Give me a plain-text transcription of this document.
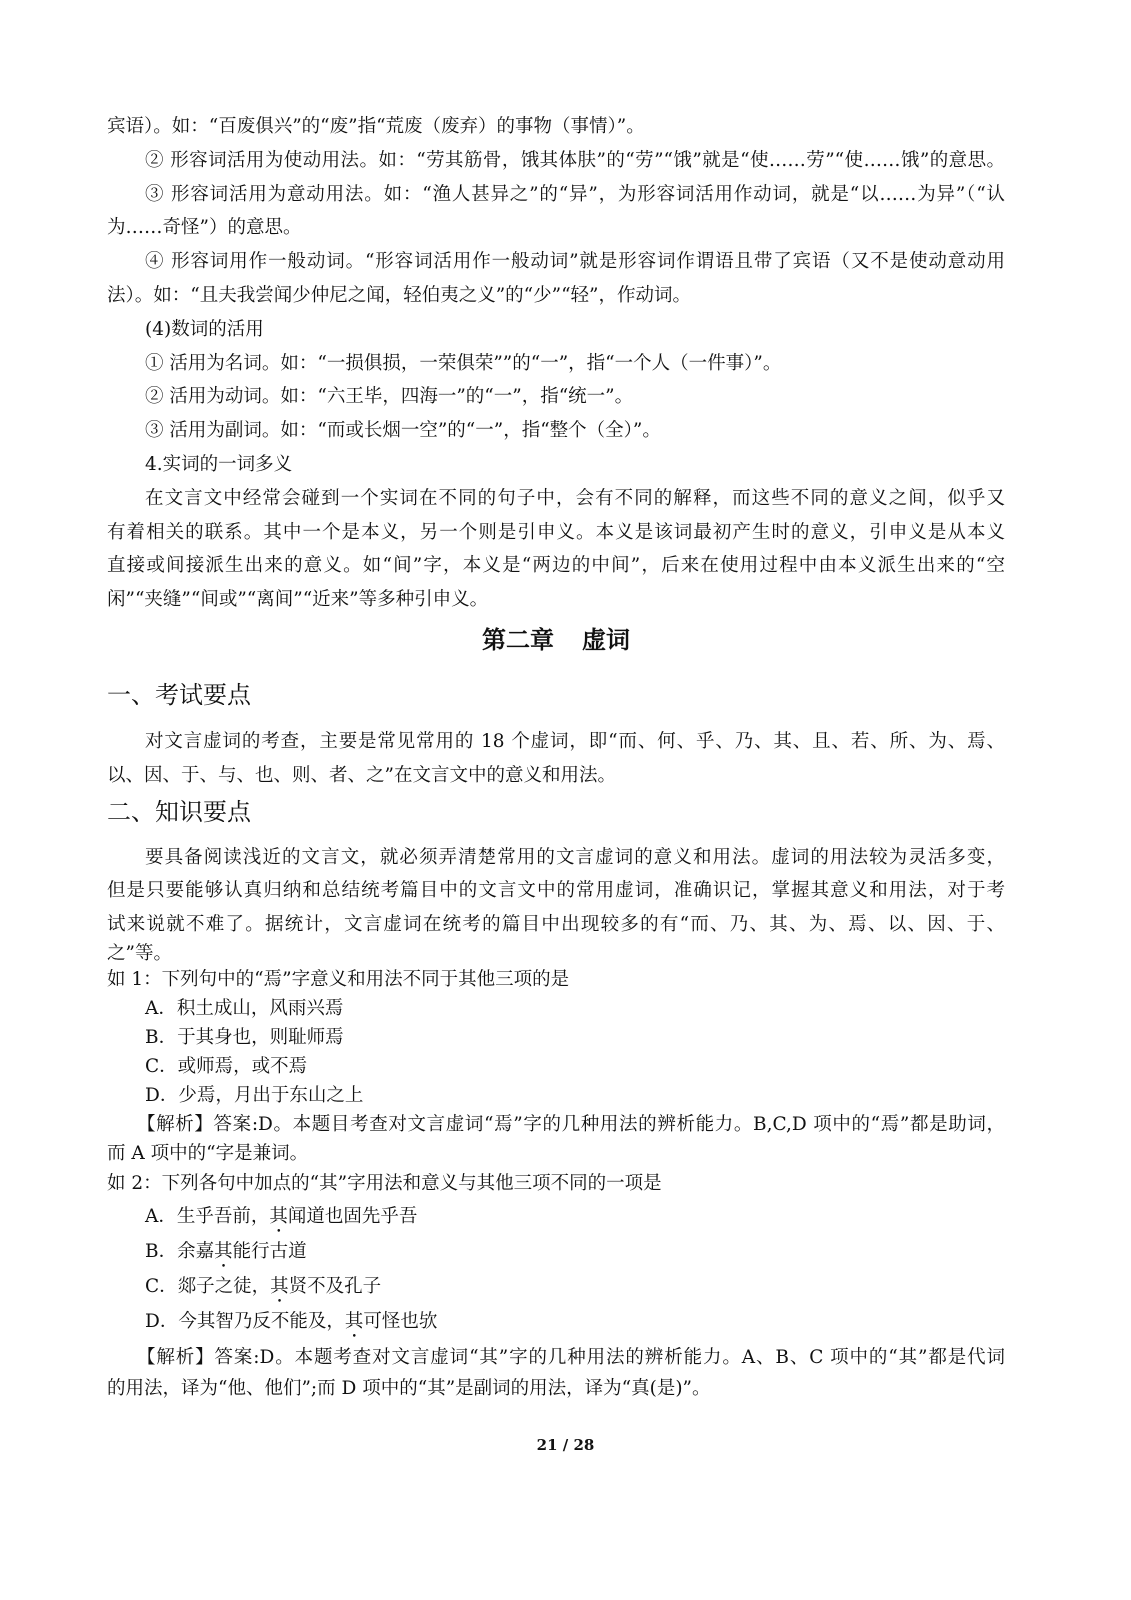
宾语）。如：“百废俱兴”的“废”指“荒废（废弃）的事物（事情）”。
② 形容词活用为使动用法。如：“劳其筋骨，饿其体肤”的“劳”“饿”就是“使……劳”“使……饿”的意思。
③ 形容词活用为意动用法。如：“渔人甚异之”的“异”，为形容词活用作动词，就是“以……为异”（“认
为……奇怪”）的意思。
④ 形容词用作一般动词。“形容词活用作一般动词”就是形容词作谓语且带了宾语（又不是使动意动用
法）。如：“且夫我尝闻少仲尼之闻，轻伯夷之义”的“少”“轻”，作动词。
(4)数词的活用
① 活用为名词。如：“一损俱损，一荣俱荣””的“一”，指“一个人（一件事）”。
② 活用为动词。如：“六王毕，四海一”的“一”，指“统一”。
③ 活用为副词。如：“而或长烟一空”的“一”，指“整个（全）”。
4.实词的一词多义
在文言文中经常会碰到一个实词在不同的句子中，会有不同的解释，而这些不同的意义之间，似乎又
有着相关的联系。其中一个是本义，另一个则是引申义。本义是该词最初产生时的意义，引申义是从本义
直接或间接派生出来的意义。如“间”字，本义是“两边的中间”，后来在使用过程中由本义派生出来的“空
闲”“夹缝”“间或”“离间”“近来”等多种引申义。
第二章 虚词
一、考试要点
对文言虚词的考查，主要是常见常用的 18 个虚词，即“而、何、乎、乃、其、且、若、所、为、焉、
以、因、于、与、也、则、者、之”在文言文中的意义和用法。
二、知识要点
要具备阅读浅近的文言文，就必须弄清楚常用的文言虚词的意义和用法。虚词的用法较为灵活多变，
但是只要能够认真归纳和总结统考篇目中的文言文中的常用虚词，准确识记，掌握其意义和用法，对于考
试来说就不难了。据统计，文言虚词在统考的篇目中出现较多的有“而、乃、其、为、焉、以、因、于、
之”等。
如 1：下列句中的“焉”字意义和用法不同于其他三项的是
A．积土成山，风雨兴焉
B．于其身也，则耻师焉
C．或师焉，或不焉
D．少焉，月出于东山之上
【解析】答案:D。本题目考查对文言虚词“焉”字的几种用法的辨析能力。B,C,D 项中的“焉”都是助词，
而 A 项中的“字是兼词。
如 2：下列各句中加点的“其”字用法和意义与其他三项不同的一项是
A．生乎吾前，其闻道也固先乎吾
B．余嘉其能行古道
C．郯子之徒，其贤不及孔子
D．今其智乃反不能及，其可怪也欤
【解析】答案:D。本题考查对文言虚词“其”字的几种用法的辨析能力。A、B、C 项中的“其”都是代词
的用法，译为“他、他们”;而 D 项中的“其”是副词的用法，译为“真(是)”。
21 / 28
